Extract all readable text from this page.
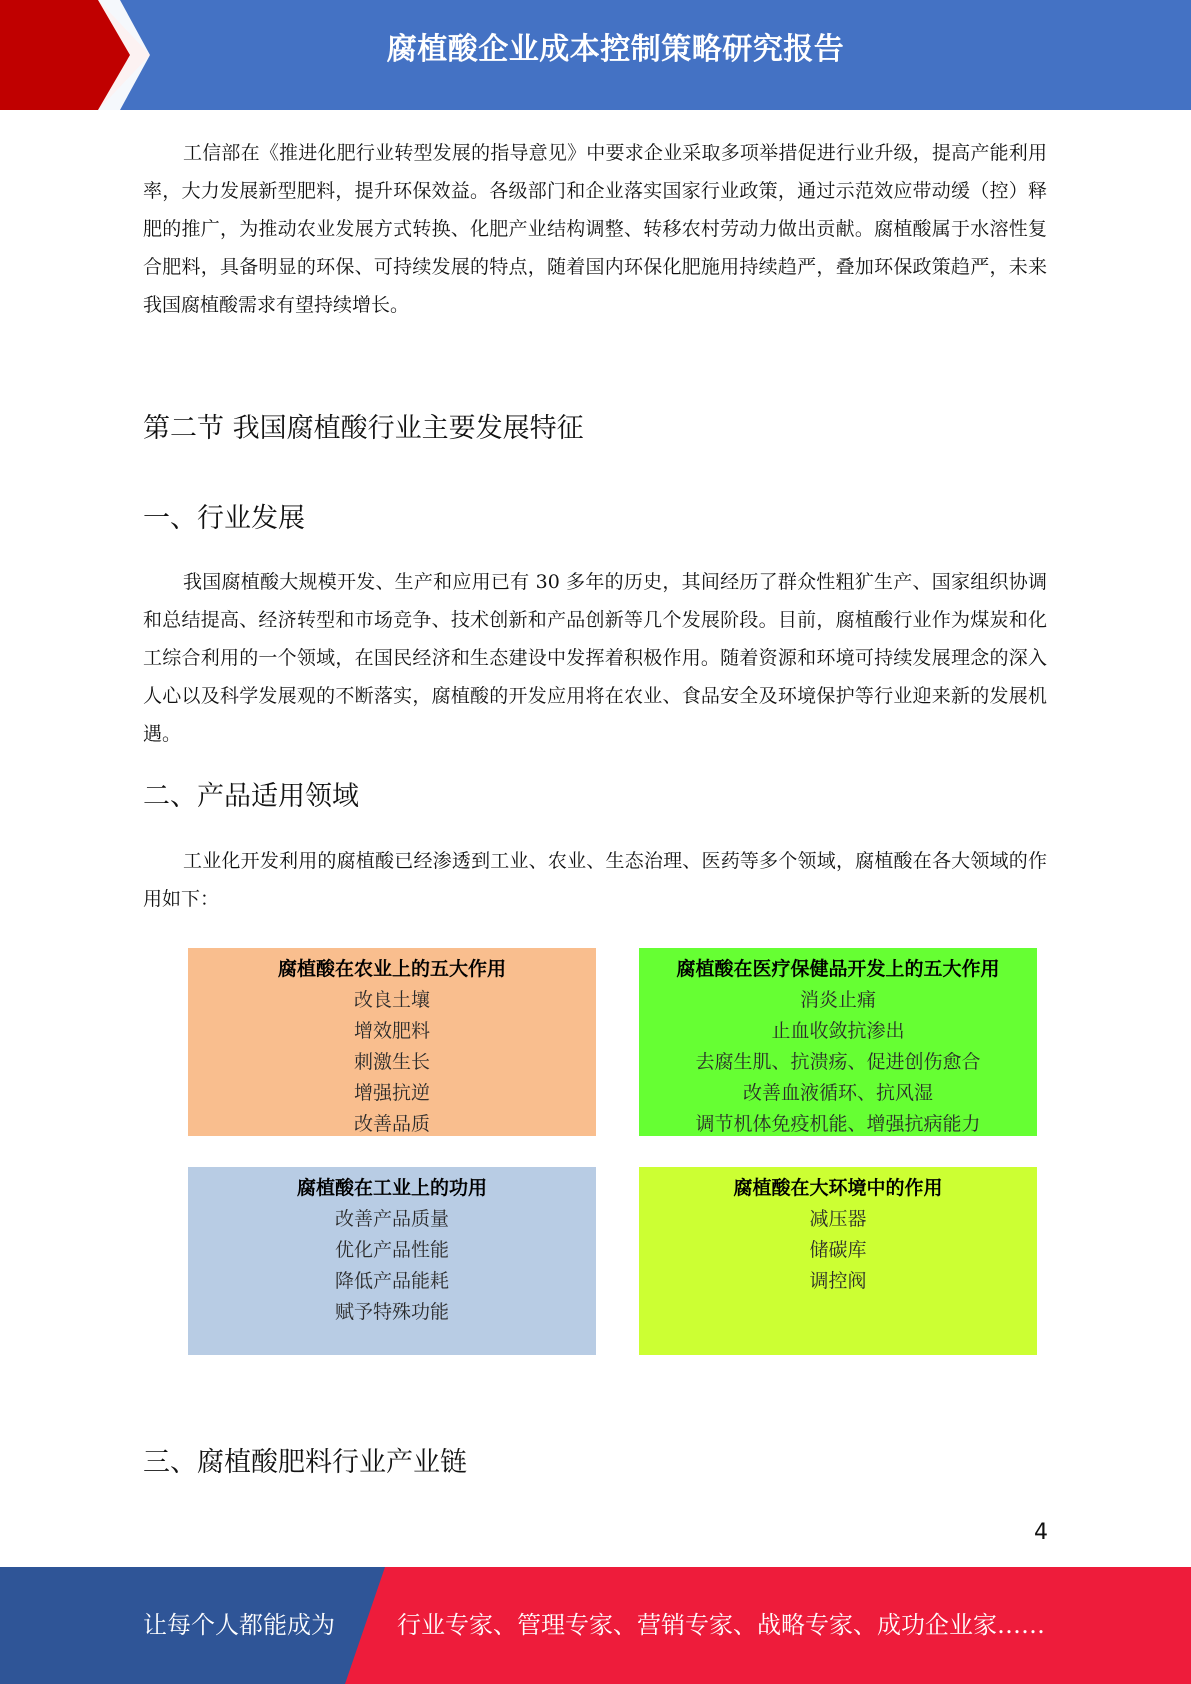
腐植酸企业成本控制策略研究报告

工信部在《推进化肥行业转型发展的指导意见》中要求企业采取多项举措促进行业升级，提高产能利用率，大力发展新型肥料，提升环保效益。各级部门和企业落实国家行业政策，通过示范效应带动缓（控）释肥的推广，为推动农业发展方式转换、化肥产业结构调整、转移农村劳动力做出贡献。腐植酸属于水溶性复合肥料，具备明显的环保、可持续发展的特点，随着国内环保化肥施用持续趋严，叠加环保政策趋严，未来我国腐植酸需求有望持续增长。

第二节 我国腐植酸行业主要发展特征
一、行业发展

我国腐植酸大规模开发、生产和应用已有 30 多年的历史，其间经历了群众性粗犷生产、国家组织协调和总结提高、经济转型和市场竞争、技术创新和产品创新等几个发展阶段。目前，腐植酸行业作为煤炭和化工综合利用的一个领域，在国民经济和生态建设中发挥着积极作用。随着资源和环境可持续发展理念的深入人心以及科学发展观的不断落实，腐植酸的开发应用将在农业、食品安全及环境保护等行业迎来新的发展机遇。

二、产品适用领域

工业化开发利用的腐植酸已经渗透到工业、农业、生态治理、医药等多个领域，腐植酸在各大领域的作用如下：

腐植酸在农业上的五大作用
改良土壤
增效肥料
刺激生长
增强抗逆
改善品质
腐植酸在医疗保健品开发上的五大作用
消炎止痛
止血收敛抗渗出
去腐生肌、抗溃疡、促进创伤愈合
改善血液循环、抗风湿
调节机体免疫机能、增强抗病能力
腐植酸在工业上的功用
改善产品质量
优化产品性能
降低产品能耗
赋予特殊功能
腐植酸在大环境中的作用
减压器
储碳库
调控阀
三、腐植酸肥料行业产业链
4
让每个人都能成为	行业专家、管理专家、营销专家、战略专家、成功企业家……
